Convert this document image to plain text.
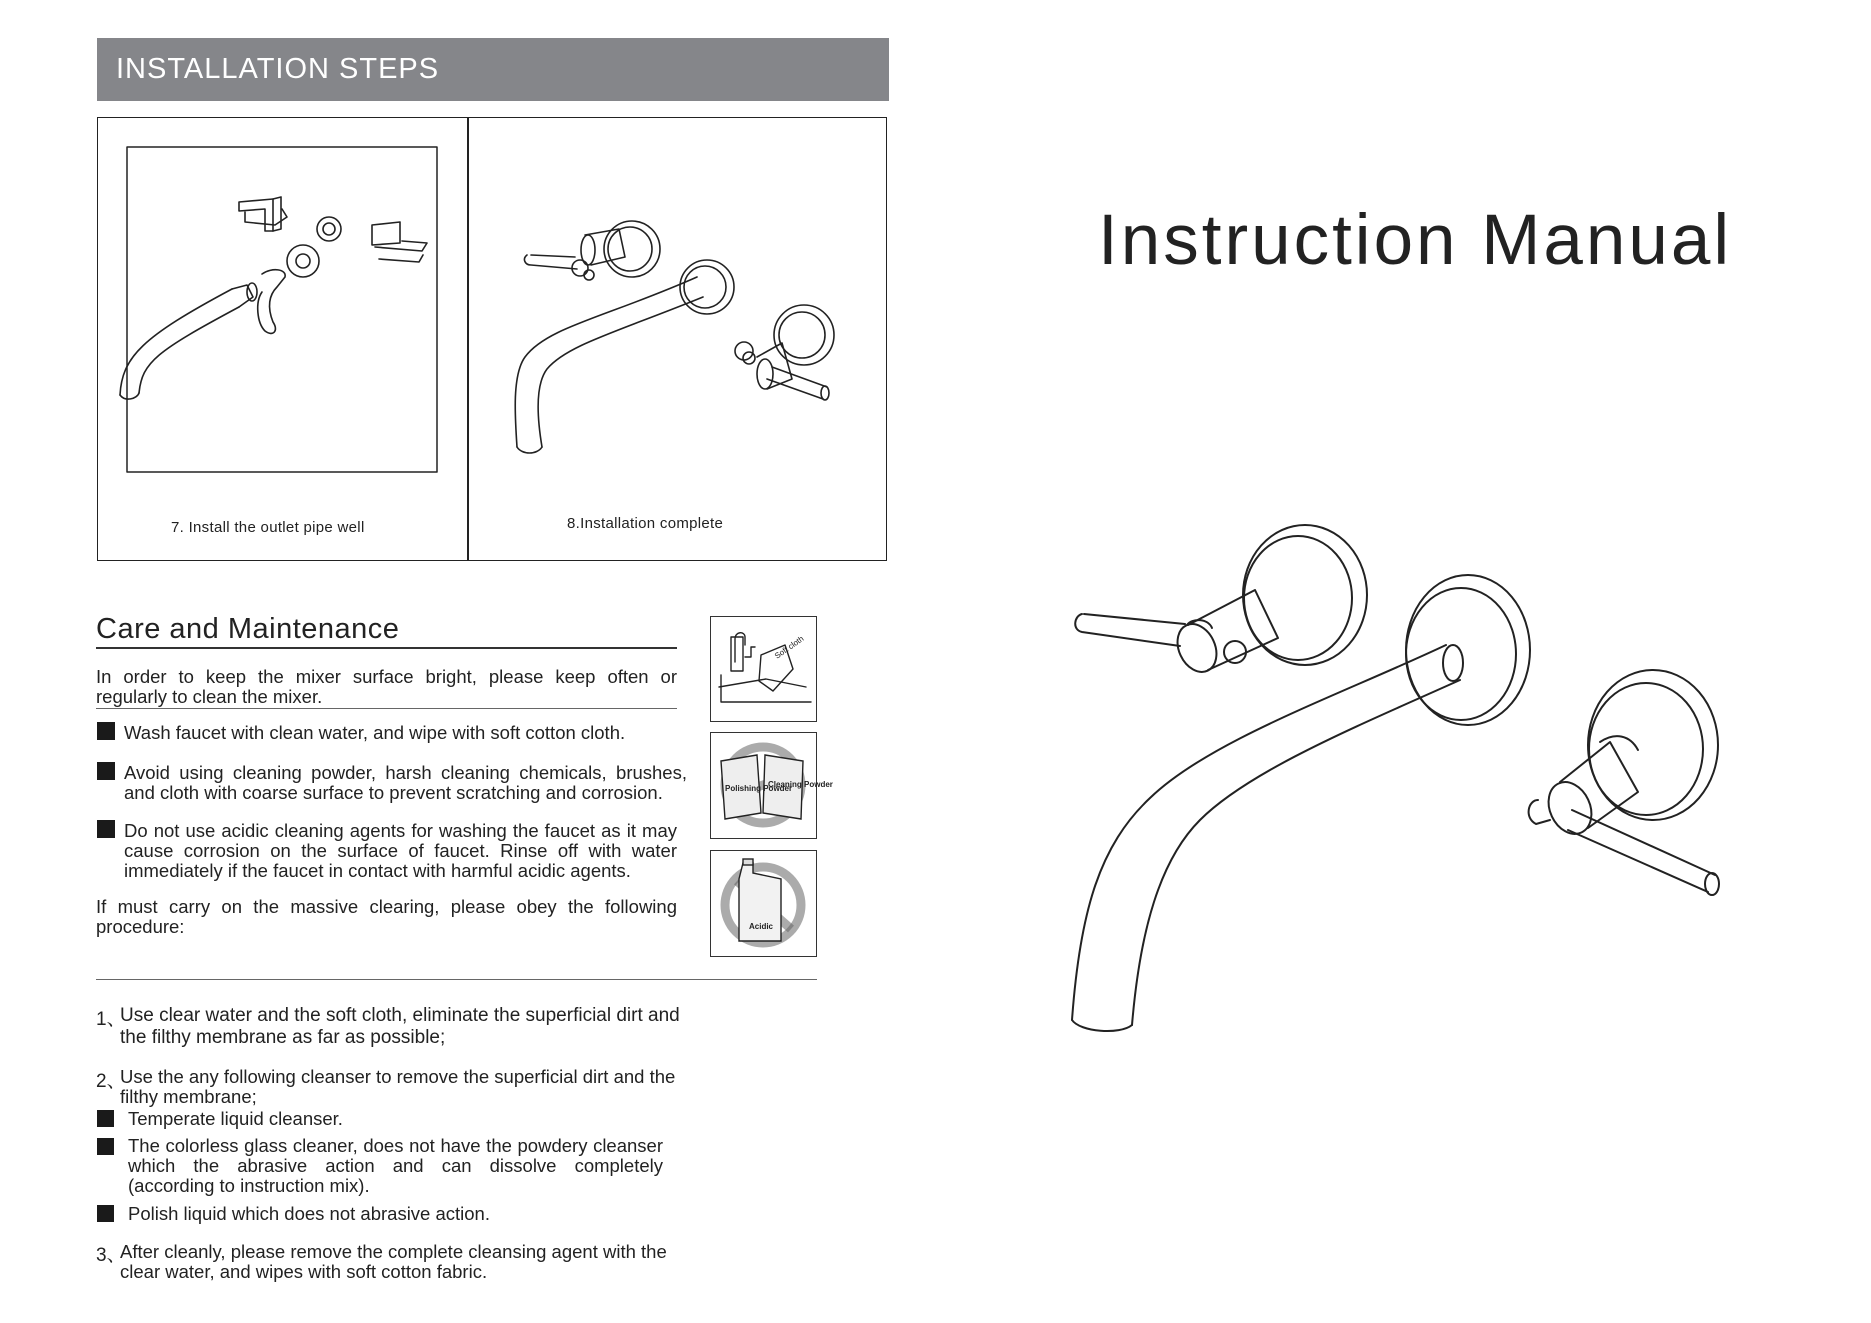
INSTALLATION STEPS
7. Install the outlet pipe well	8.Installation complete
Instruction Manual
Care and Maintenance
In order to keep the mixer surface bright, please keep often or regularly to clean the mixer.
Wash faucet with clean water, and wipe with soft cotton cloth.
Avoid using cleaning powder, harsh cleaning chemicals, brushes, and cloth with coarse surface to prevent scratching and corrosion.
Do not use acidic cleaning agents for washing the faucet as it may cause corrosion on the surface of faucet. Rinse off with water immediately if the faucet in contact with harmful acidic agents.
If must carry on the massive clearing, please obey the following procedure:
Soft cloth
Polishing Powder
Cleaning Powder
Acidic
1、
Use clear water and the soft cloth, eliminate the superficial dirt and the filthy membrane as far as possible;
2、
Use the any following cleanser to remove the superficial dirt and the filthy membrane;
Temperate liquid cleanser.
The colorless glass cleaner, does not have the powdery cleanser which the abrasive action and can dissolve completely (according to instruction mix).
Polish liquid which does not abrasive action.
3、
After cleanly, please remove the complete cleansing agent with the clear water, and wipes with soft cotton fabric.
